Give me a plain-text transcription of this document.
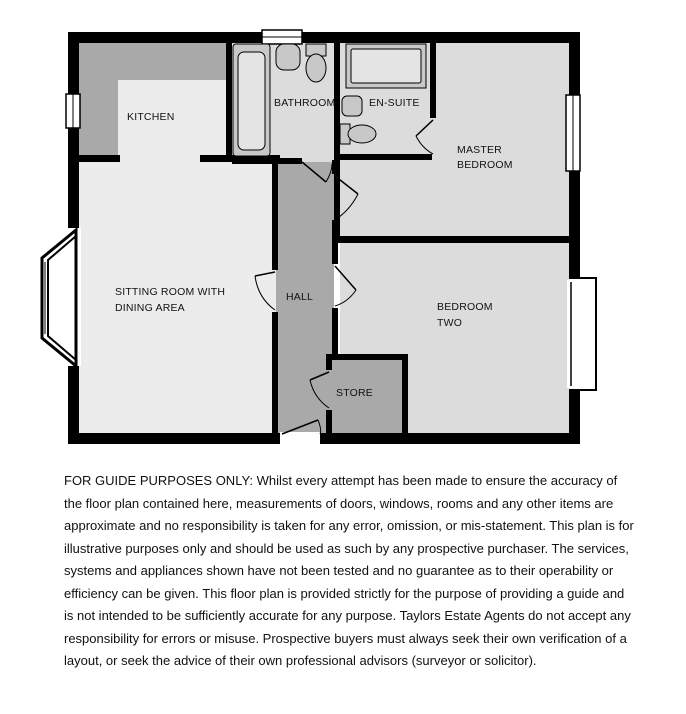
KITCHEN
BATHROOM	EN-SUITE
MASTER
BEDROOM
SITTING ROOM WITH
DINING AREA
HALL
BEDROOM
TWO
STORE

FOR GUIDE PURPOSES ONLY: Whilst every attempt has been made to ensure the accuracy of the floor plan contained here, measurements of doors, windows, rooms and any other items are approximate and no responsibility is taken for any error, omission, or mis-statement. This plan is for illustrative purposes only and should be used as such by any prospective purchaser. The services, systems and appliances shown have not been tested and no guarantee as to their operability or efficiency can be given. This floor plan is provided strictly for the purpose of providing a guide and is not intended to be sufficiently accurate for any purpose. Taylors Estate Agents do not accept any responsibility for errors or misuse. Prospective buyers must always seek their own verification of a layout, or seek the advice of their own professional advisors (surveyor or solicitor).
